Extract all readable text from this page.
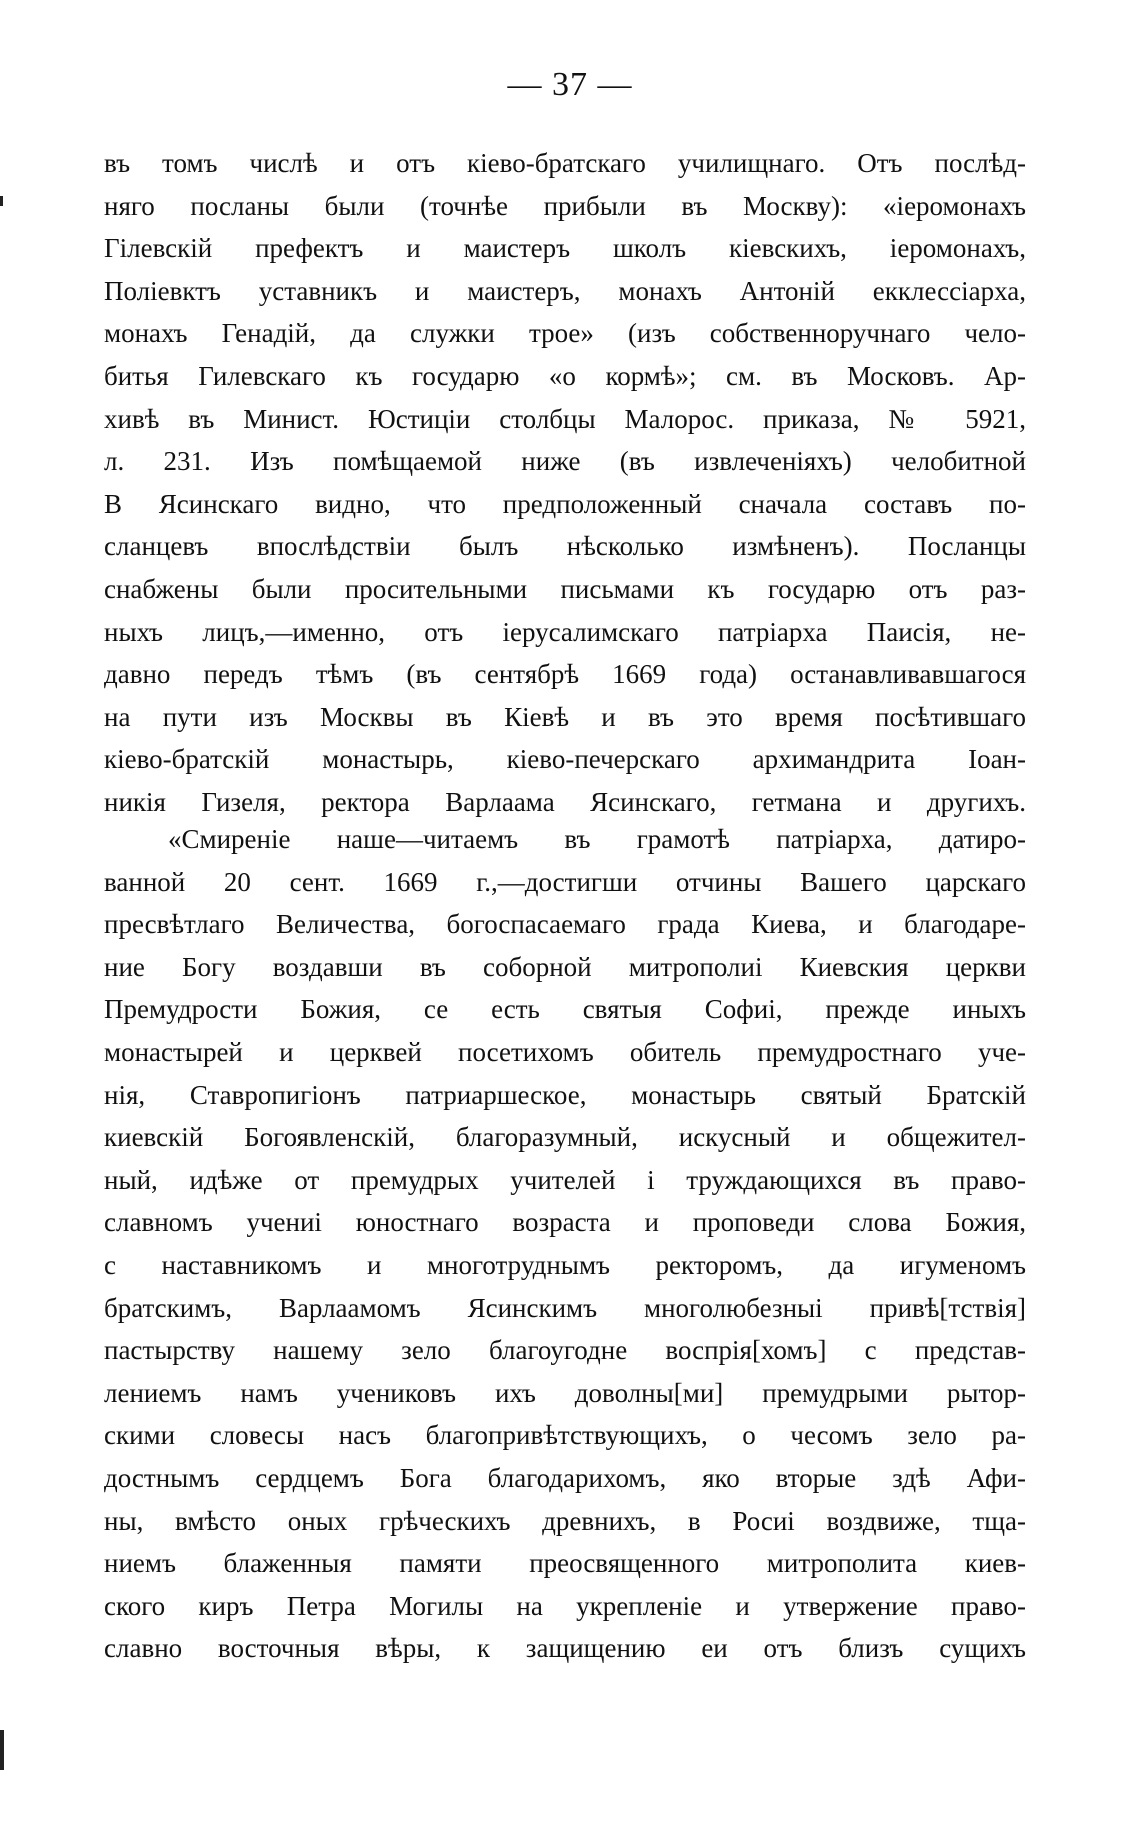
— 37 —
въ томъ числѣ и отъ кіево-братскаго училищнаго. Отъ послѣд-
няго посланы были (точнѣе прибыли въ Москву): «іеромонахъ
Гілевскій префектъ и маистеръ школъ кіевскихъ, іеромонахъ,
Поліевктъ уставникъ и маистеръ, монахъ Антоній екклессіарха,
монахъ Генадій, да служки трое» (изъ собственноручнаго чело-
битья Гилевскаго къ государю «о кормѣ»; см. въ Московъ. Ар-
хивѣ въ Минист. Юстиціи столбцы Малорос. приказа, № 5921,
л. 231. Изъ помѣщаемой ниже (въ извлеченіяхъ) челобитной
В Ясинскаго видно, что предположенный сначала составъ по-
сланцевъ впослѣдствіи былъ нѣсколько измѣненъ). Посланцы
снабжены были просительными письмами къ государю отъ раз-
ныхъ лицъ,—именно, отъ іерусалимскаго патріарха Паисія, не-
давно передъ тѣмъ (въ сентябрѣ 1669 года) останавливавшагося
на пути изъ Москвы въ Кіевѣ и въ это время посѣтившаго
кіево-братскій монастырь, кіево-печерскаго архимандрита Іоан-
никія Гизеля, ректора Варлаама Ясинскаго, гетмана и другихъ.
«Смиреніе наше—читаемъ въ грамотѣ патріарха, датиро-
ванной 20 сент. 1669 г.,—достигши отчины Вашего царскаго
пресвѣтлаго Величества, богоспасаемаго града Киева, и благодаре-
ние Богу воздавши въ соборной митрополиі Киевския церкви
Премудрости Божия, се есть святыя Софиі, прежде иныхъ
монастырей и церквей посетихомъ обитель премудростнаго уче-
нія, Ставропигіонъ патриаршеское, монастырь святый Братскій
киевскій Богоявленскій, благоразумный, искусный и общежител-
ный, идѣже от премудрых учителей і труждающихся въ право-
славномъ учениі юностнаго возраста и проповеди слова Божия,
с наставникомъ и многотруднымъ ректоромъ, да игуменомъ
братскимъ, Варлаамомъ Ясинскимъ многолюбезныі привѣ[тствія]
пастырству нашему зело благоугодне воспрія[хомъ] с представ-
лениемъ намъ учениковъ ихъ доволны[ми] премудрыми рытор-
скими словесы насъ благопривѣтствующихъ, о чесомъ зело ра-
достнымъ сердцемъ Бога благодарихомъ, яко вторые здѣ Афи-
ны, вмѣсто оных грѣческихъ древнихъ, в Росиі воздвиже, тща-
ниемъ блаженныя памяти преосвященного митрополита киев-
ского киръ Петра Могилы на укрепленіе и утвержение право-
славно восточныя вѣры, к защищению еи отъ близъ сущихъ
